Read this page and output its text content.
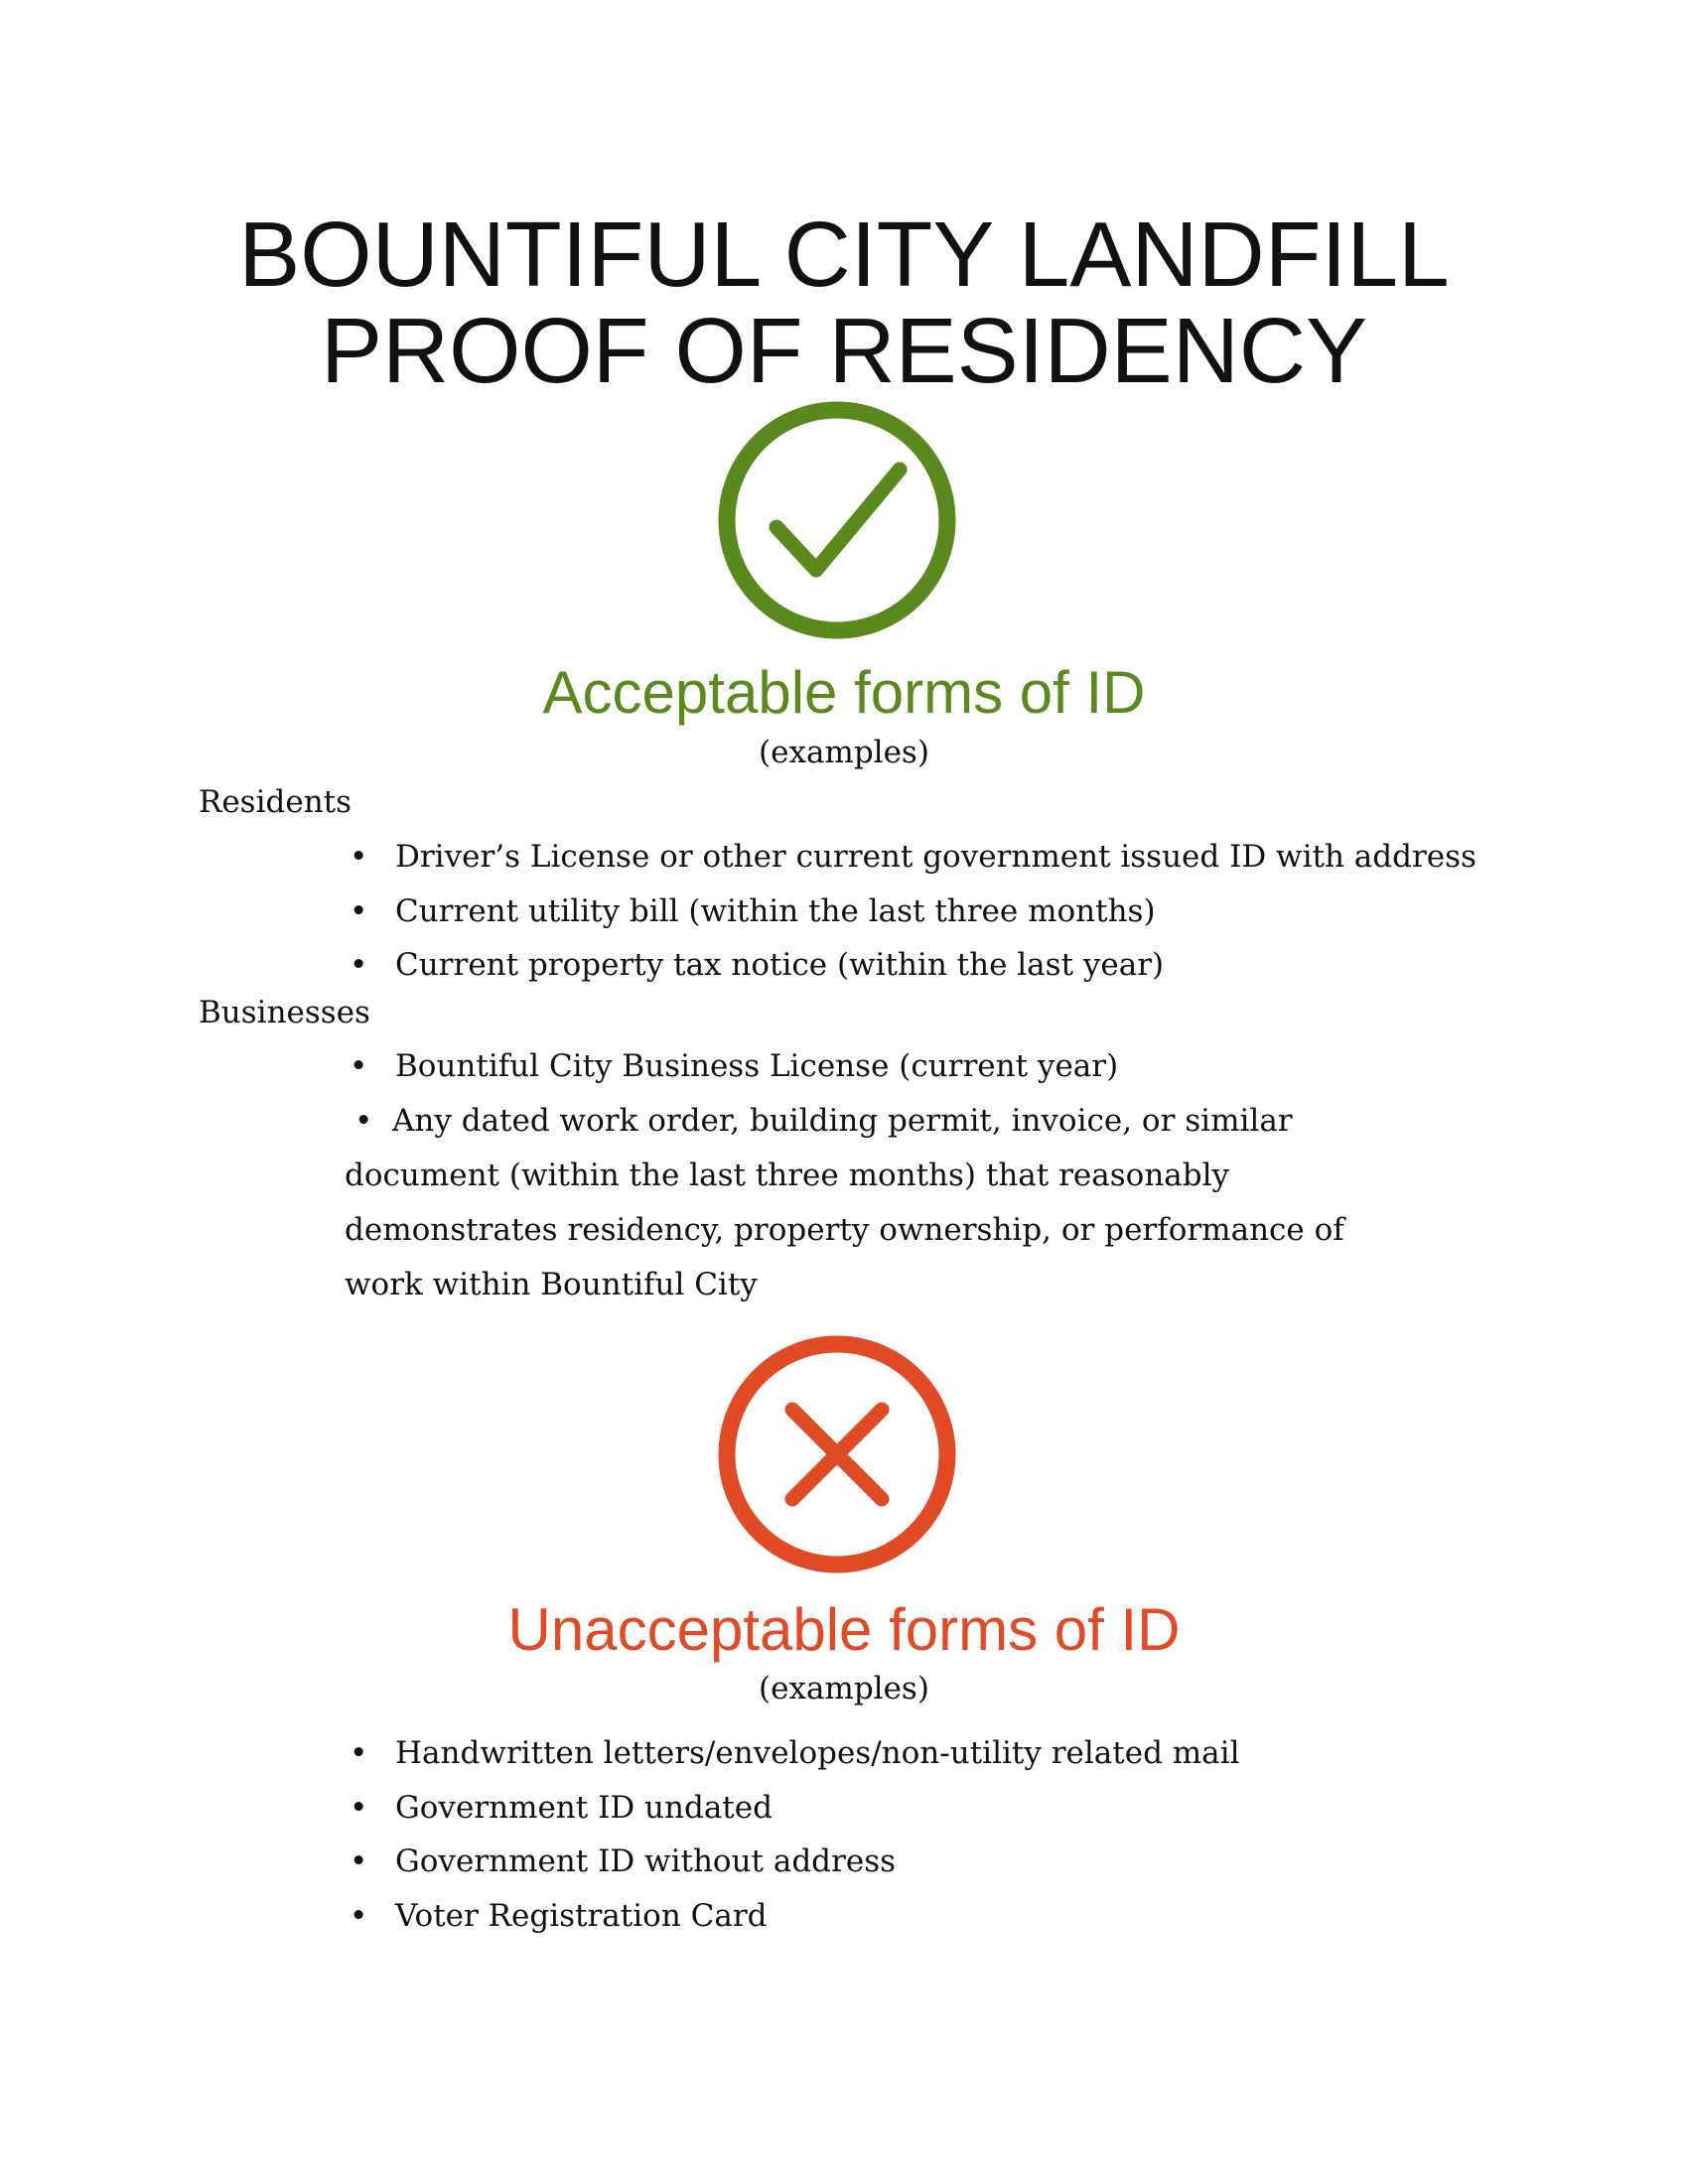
BOUNTIFUL CITY LANDFILL
PROOF OF RESIDENCY
Acceptable forms of ID
(examples)
Residents
• Driver’s License or other current government issued ID with address
• Current utility bill (within the last three months)
• Current property tax notice (within the last year)
Businesses
• Bountiful City Business License (current year)
• Any dated work order, building permit, invoice, or similar document (within the last three months) that reasonably demonstrates residency, property ownership, or performance of work within Bountiful City
Unacceptable forms of ID
(examples)
• Handwritten letters/envelopes/non-utility related mail
• Government ID undated
• Government ID without address
• Voter Registration Card
